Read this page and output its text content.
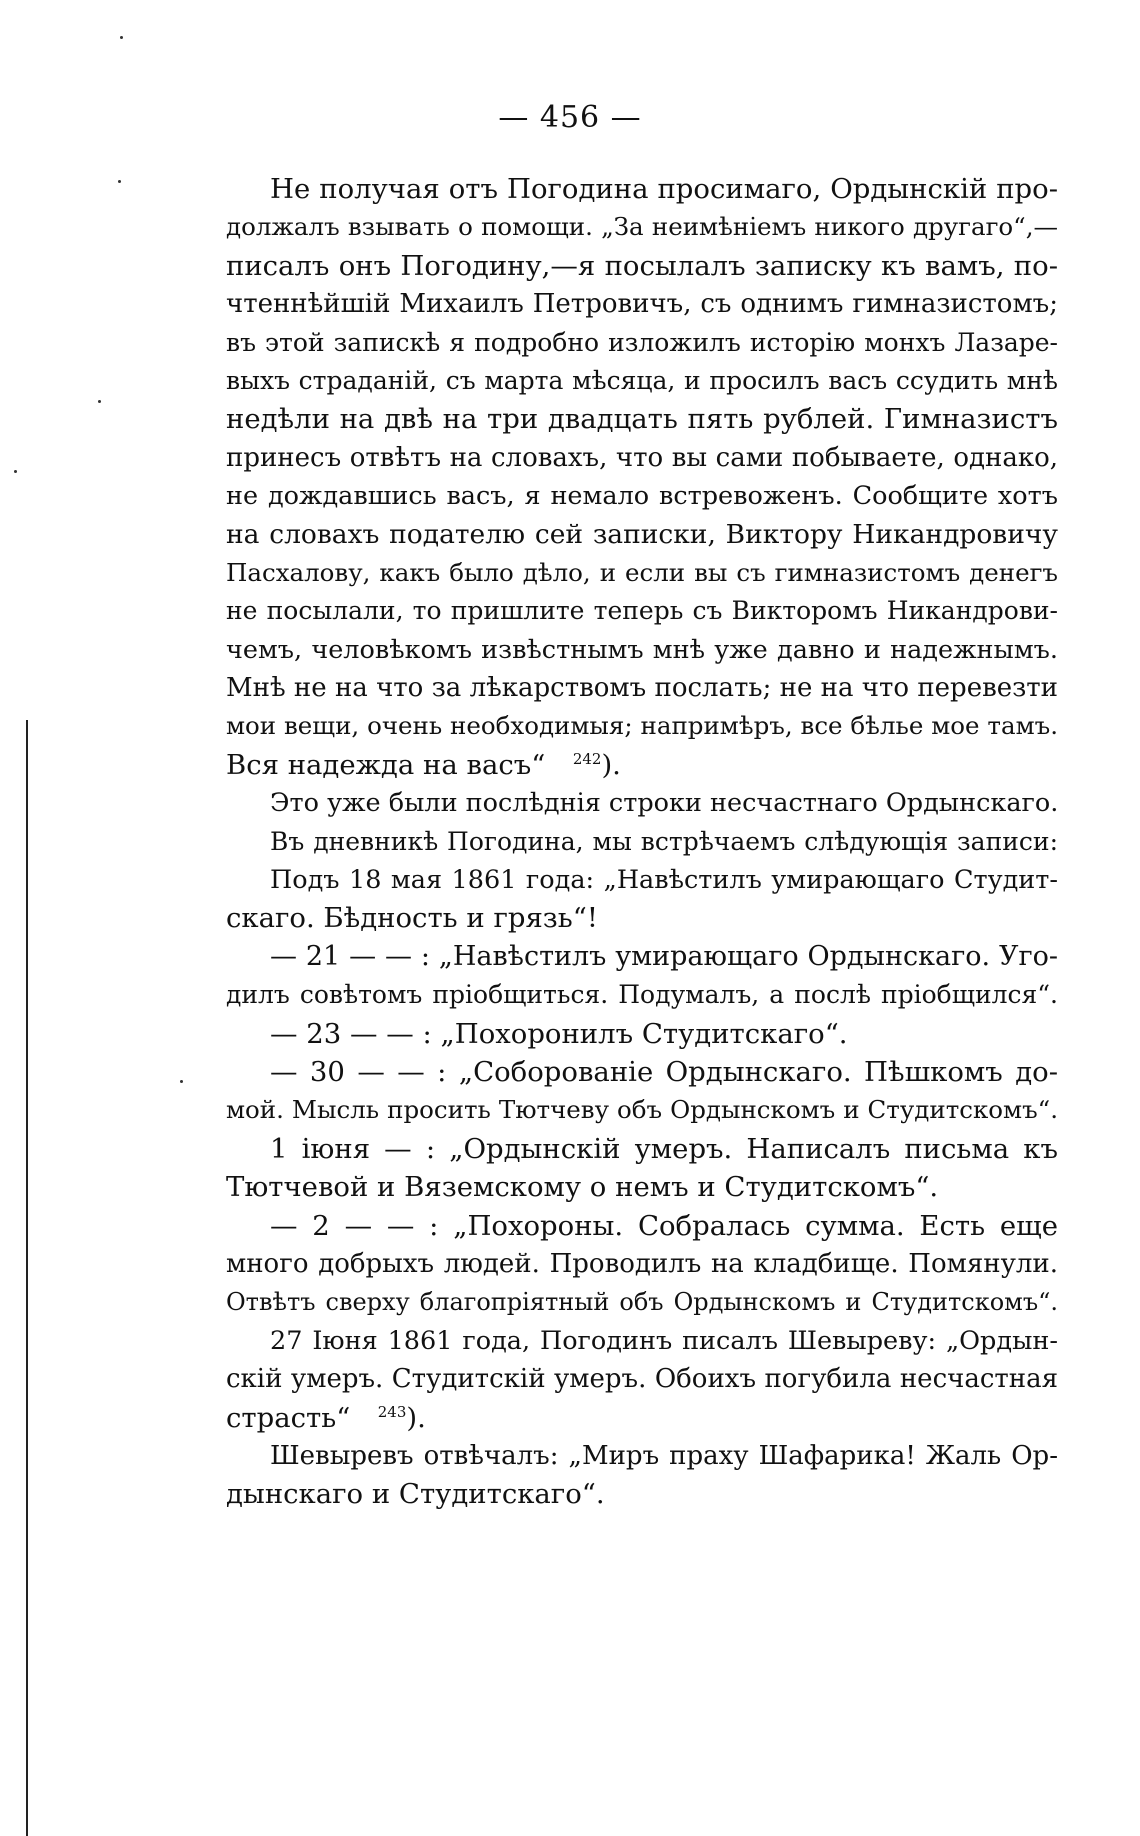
— 456 —
Не получая отъ Погодина просимаго, Ордынскій про-
должалъ взывать о помощи. „За неимѣніемъ никого другаго“,—
писалъ онъ Погодину,—я посылалъ записку къ вамъ, по-
чтеннѣйшій Михаилъ Петровичъ, съ однимъ гимназистомъ;
въ этой запискѣ я подробно изложилъ исторію монхъ Лазаре-
выхъ страданій, съ марта мѣсяца, и просилъ васъ ссудить мнѣ
недѣли на двѣ на три двадцать пять рублей. Гимназистъ
принесъ отвѣтъ на словахъ, что вы сами побываете, однако,
не дождавшись васъ, я немало встревоженъ. Сообщите хотъ
на словахъ подателю сей записки, Виктору Никандровичу
Пасхалову, какъ было дѣло, и если вы съ гимназистомъ денегъ
не посылали, то пришлите теперь съ Викторомъ Никандрови-
чемъ, человѣкомъ извѣстнымъ мнѣ уже давно и надежнымъ.
Мнѣ не на что за лѣкарствомъ послать; не на что перевезти
мои вещи, очень необходимыя; напримѣръ, все бѣлье мое тамъ.
Вся надежда на васъ“  $^{242}$).
Это уже были послѣднія строки несчастнаго Ордынскаго.
Въ дневникѣ Погодина, мы встрѣчаемъ слѣдующія записи:
Подъ 18 мая 1861 года: „Навѣстилъ умирающаго Студит-
скаго. Бѣдность и грязь“!
— 21 — — : „Навѣстилъ умирающаго Ордынскаго. Уго-
дилъ совѣтомъ пріобщиться. Подумалъ, а послѣ пріобщился“.
— 23 — — : „Похоронилъ Студитскаго“.
— 30 — — : „Соборованіе Ордынскаго. Пѣшкомъ до-
мой. Мысль просить Тютчеву объ Ордынскомъ и Студитскомъ“.
1 іюня — : „Ордынскій умеръ. Написалъ письма къ
Тютчевой и Вяземскому о немъ и Студитскомъ“.
— 2 — — : „Похороны. Собралась сумма. Есть еще
много добрыхъ людей. Проводилъ на кладбище. Помянули.
Отвѣтъ сверху благопріятный объ Ордынскомъ и Студитскомъ“.
27 Іюня 1861 года, Погодинъ писалъ Шевыреву: „Ордын-
скій умеръ. Студитскій умеръ. Обоихъ погубила несчастная
страсть“  $^{243}$).
Шевыревъ отвѣчалъ: „Миръ праху Шафарика! Жаль Ор-
дынскаго и Студитскаго“.
